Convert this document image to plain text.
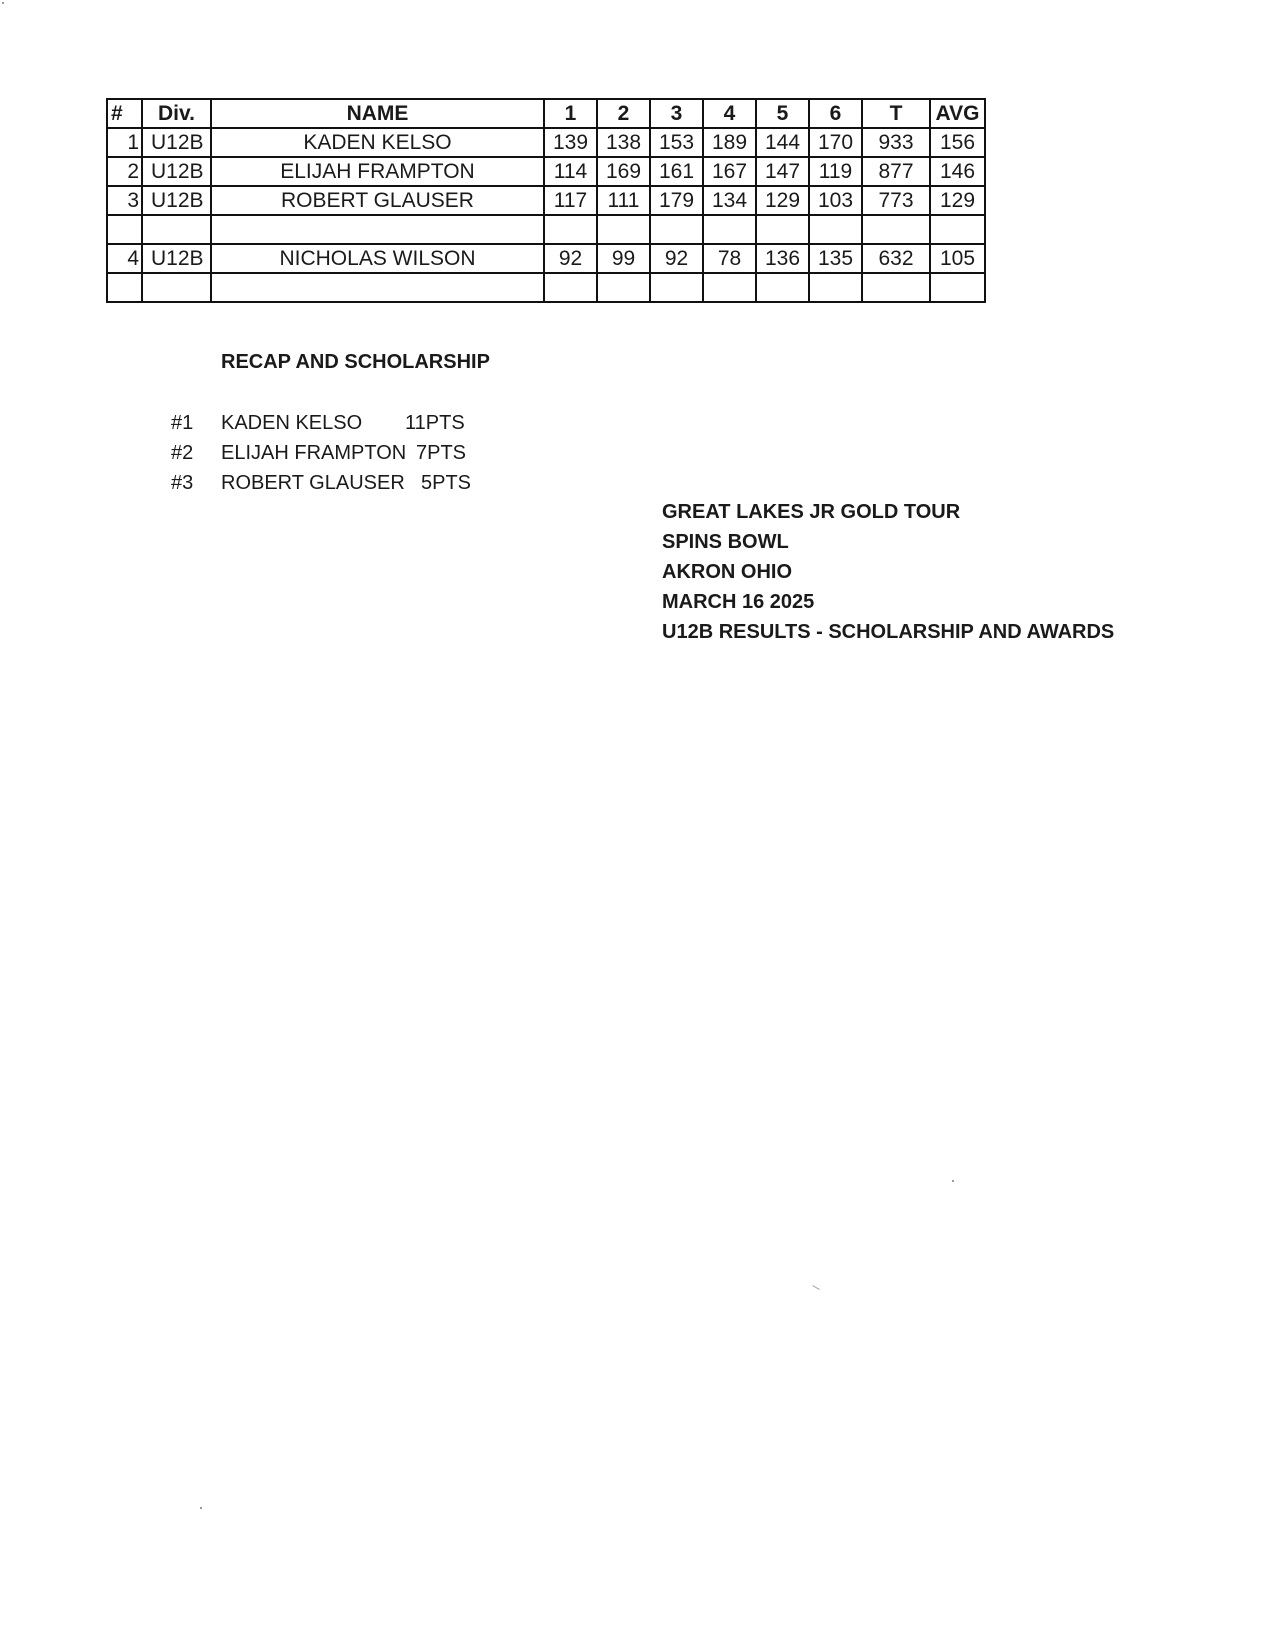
#	Div.	NAME	1	2	3	4	5	6	T	AVG
1	U12B	KADEN KELSO	139	138	153	189	144	170	933	156
2	U12B	ELIJAH FRAMPTON	114	169	161	167	147	119	877	146
3	U12B	ROBERT GLAUSER	117	111	179	134	129	103	773	129

4	U12B	NICHOLAS WILSON	92	99	92	78	136	135	632	105

RECAP AND SCHOLARSHIP
#1 KADEN KELSO 11PTS
#2 ELIJAH FRAMPTON 7PTS
#3 ROBERT GLAUSER 5PTS
GREAT LAKES JR GOLD TOUR
SPINS BOWL
AKRON OHIO
MARCH 16 2025
U12B RESULTS - SCHOLARSHIP AND AWARDS
